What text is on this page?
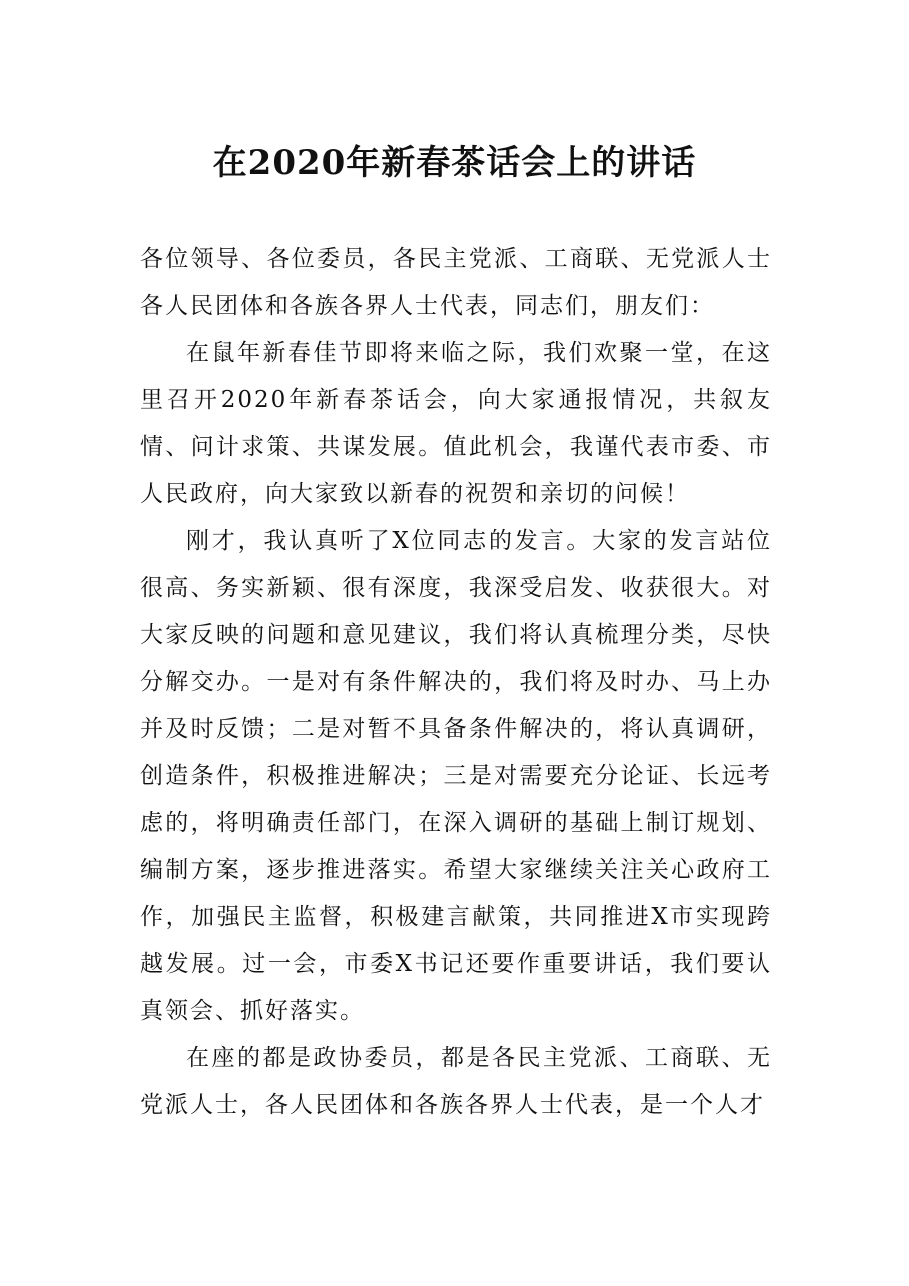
在2020年新春茶话会上的讲话

各位领导、各位委员，各民主党派、工商联、无党派人士各人民团体和各族各界人士代表，同志们，朋友们：

在鼠年新春佳节即将来临之际，我们欢聚一堂，在这里召开2020年新春茶话会，向大家通报情况，共叙友情、问计求策、共谋发展。值此机会，我谨代表市委、市人民政府，向大家致以新春的祝贺和亲切的问候！

刚才，我认真听了X位同志的发言。大家的发言站位很高、务实新颖、很有深度，我深受启发、收获很大。对大家反映的问题和意见建议，我们将认真梳理分类，尽快分解交办。一是对有条件解决的，我们将及时办、马上办并及时反馈；二是对暂不具备条件解决的，将认真调研，创造条件，积极推进解决；三是对需要充分论证、长远考虑的，将明确责任部门，在深入调研的基础上制订规划、编制方案，逐步推进落实。希望大家继续关注关心政府工作，加强民主监督，积极建言献策，共同推进X市实现跨越发展。过一会，市委X书记还要作重要讲话，我们要认真领会、抓好落实。

在座的都是政协委员，都是各民主党派、工商联、无党派人士，各人民团体和各族各界人士代表，是一个人才
